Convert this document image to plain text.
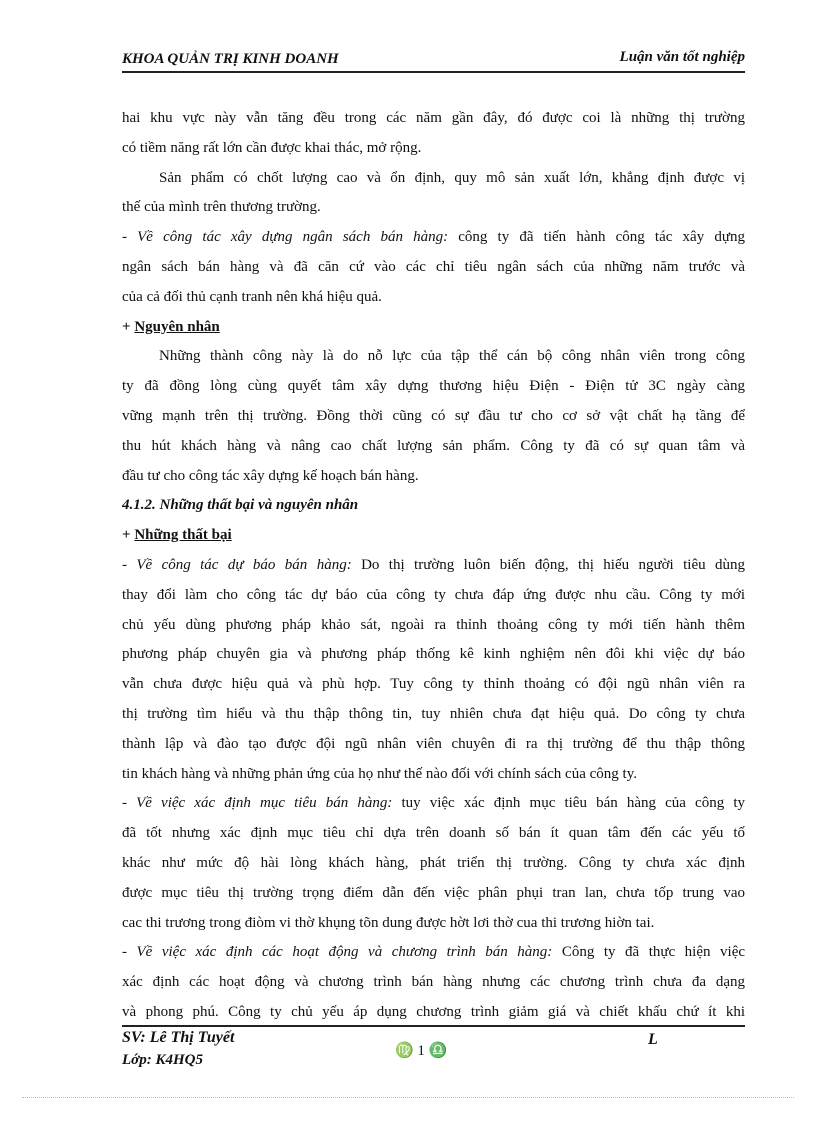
KHOA QUẢN TRỊ KINH DOANH	Luận văn tốt nghiệp
hai khu vực này vẫn tăng đều trong các năm gần đây, đó được coi là những thị trường
có tiềm năng rất lớn cần được khai thác, mở rộng.
Sản phẩm có chốt lượng cao và ổn định, quy mô sản xuất lớn, khẳng định được vị
thế của mình trên thương trường.
- Về công tác xây dựng ngân sách bán hàng: công ty đã tiến hành công tác xây dựng
ngân sách bán hàng và đã căn cứ vào các chỉ tiêu ngân sách của những năm trước và
của cả đối thủ cạnh tranh nên khá hiệu quả.
+ Nguyên nhân
Những thành công này là do nỗ lực của tập thể cán bộ công nhân viên trong công
ty đã đồng lòng cùng quyết tâm xây dựng thương hiệu Điện - Điện tử 3C ngày càng
vững mạnh trên thị trường. Đồng thời cũng có sự đầu tư cho cơ sở vật chất hạ tầng để
thu hút khách hàng và nâng cao chất lượng sản phẩm. Công ty đã có sự quan tâm và
đầu tư cho công tác xây dựng kế hoạch bán hàng.
4.1.2. Những thất bại và nguyên nhân
+ Những thất bại
- Về công tác dự báo bán hàng: Do thị trường luôn biến động, thị hiếu người tiêu dùng
thay đổi làm cho công tác dự báo của công ty chưa đáp ứng được nhu cầu. Công ty mới
chủ yếu dùng phương pháp khảo sát, ngoài ra thỉnh thoảng công ty mới tiến hành thêm
phương pháp chuyên gia và phương pháp thống kê kinh nghiệm nên đôi khi việc dự báo
vẫn chưa được hiệu quả và phù hợp. Tuy công ty thỉnh thoảng có đội ngũ nhân viên ra
thị trường tìm hiểu và thu thập thông tin, tuy nhiên chưa đạt hiệu quả. Do công ty chưa
thành lập và đào tạo được đội ngũ nhân viên chuyên đi ra thị trường để thu thập thông
tin khách hàng và những phản ứng của họ như thế nào đối với chính sách của công ty.
- Về việc xác định mục tiêu bán hàng: tuy việc xác định mục tiêu bán hàng của công ty
đã tốt nhưng xác định mục tiêu chỉ dựa trên doanh số bán ít quan tâm đến các yếu tố
khác như mức độ hài lòng khách hàng, phát triển thị trường. Công ty chưa xác định
được mục tiêu thị trường trọng điểm dẫn đến việc phân phụi tran lan, chưa tốp trung vao
cac thi trương trong điòm vi thờ khụng tõn dung được hờt lơi thờ cua thi trương hiờn tai.
- Về việc xác định các hoạt động và chương trình bán hàng: Công ty đã thực hiện việc
xác định các hoạt động và chương trình bán hàng nhưng các chương trình chưa đa dạng
và phong phú. Công ty chủ yếu áp dụng chương trình giảm giá và chiết khấu chứ ít khi
SV: Lê Thị Tuyết
Lớp: K4HQ5
♍ 1 ♎
L
